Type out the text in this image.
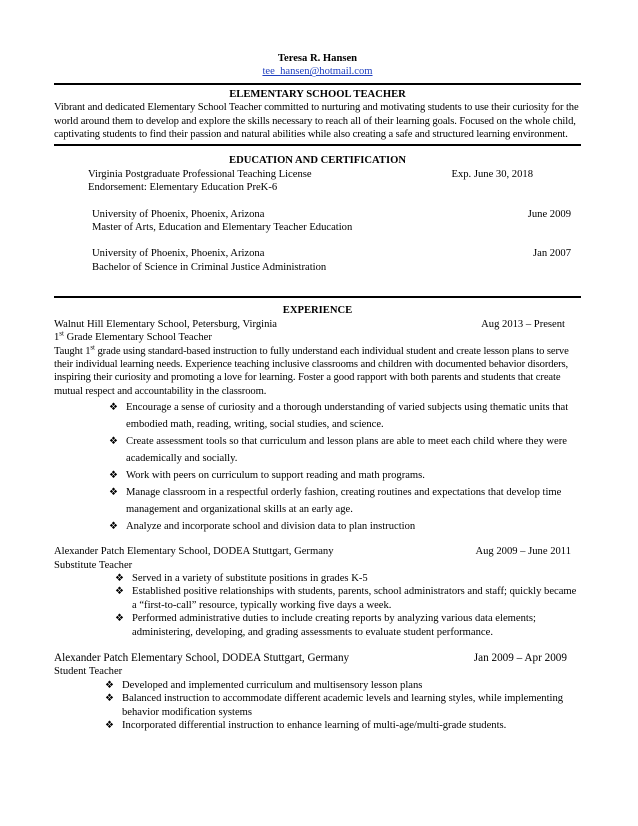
Teresa R. Hansen
tee_hansen@hotmail.com
ELEMENTARY SCHOOL TEACHER
Vibrant and dedicated Elementary School Teacher committed to nurturing and motivating students to use their curiosity for the world around them to develop and explore the skills necessary to reach all of their learning goals. Focused on the whole child, captivating students to find their passion and natural abilities while also creating a safe and structured learning environment.
EDUCATION AND CERTIFICATION
Virginia Postgraduate Professional Teaching License	Exp. June 30, 2018
Endorsement: Elementary Education PreK-6
University of Phoenix, Phoenix, Arizona	June 2009
Master of Arts, Education and Elementary Teacher Education
University of Phoenix, Phoenix, Arizona	Jan 2007
Bachelor of Science in Criminal Justice Administration
EXPERIENCE
Walnut Hill Elementary School, Petersburg, Virginia	Aug 2013 – Present
1st Grade Elementary School Teacher
Taught 1st grade using standard-based instruction to fully understand each individual student and create lesson plans to serve their individual learning needs. Experience teaching inclusive classrooms and children with documented behavior disorders, inspiring their curiosity and promoting a love for learning. Foster a good rapport with both parents and students that create mutual respect and accountability in the classroom.
❖ Encourage a sense of curiosity and a thorough understanding of varied subjects using thematic units that embodied math, reading, writing, social studies, and science.
❖ Create assessment tools so that curriculum and lesson plans are able to meet each child where they were academically and socially.
❖ Work with peers on curriculum to support reading and math programs.
❖ Manage classroom in a respectful orderly fashion, creating routines and expectations that develop time management and organizational skills at an early age.
❖ Analyze and incorporate school and division data to plan instruction
Alexander Patch Elementary School, DODEA Stuttgart, Germany	Aug 2009 – June 2011
Substitute Teacher
❖ Served in a variety of substitute positions in grades K-5
❖ Established positive relationships with students, parents, school administrators and staff; quickly became a “first-to-call” resource, typically working five days a week.
❖ Performed administrative duties to include creating reports by analyzing various data elements; administering, developing, and grading assessments to evaluate student performance.
Alexander Patch Elementary School, DODEA Stuttgart, Germany	Jan 2009 – Apr 2009
Student Teacher
❖ Developed and implemented curriculum and multisensory lesson plans
❖ Balanced instruction to accommodate different academic levels and learning styles, while implementing behavior modification systems
❖ Incorporated differential instruction to enhance learning of multi-age/multi-grade students.
